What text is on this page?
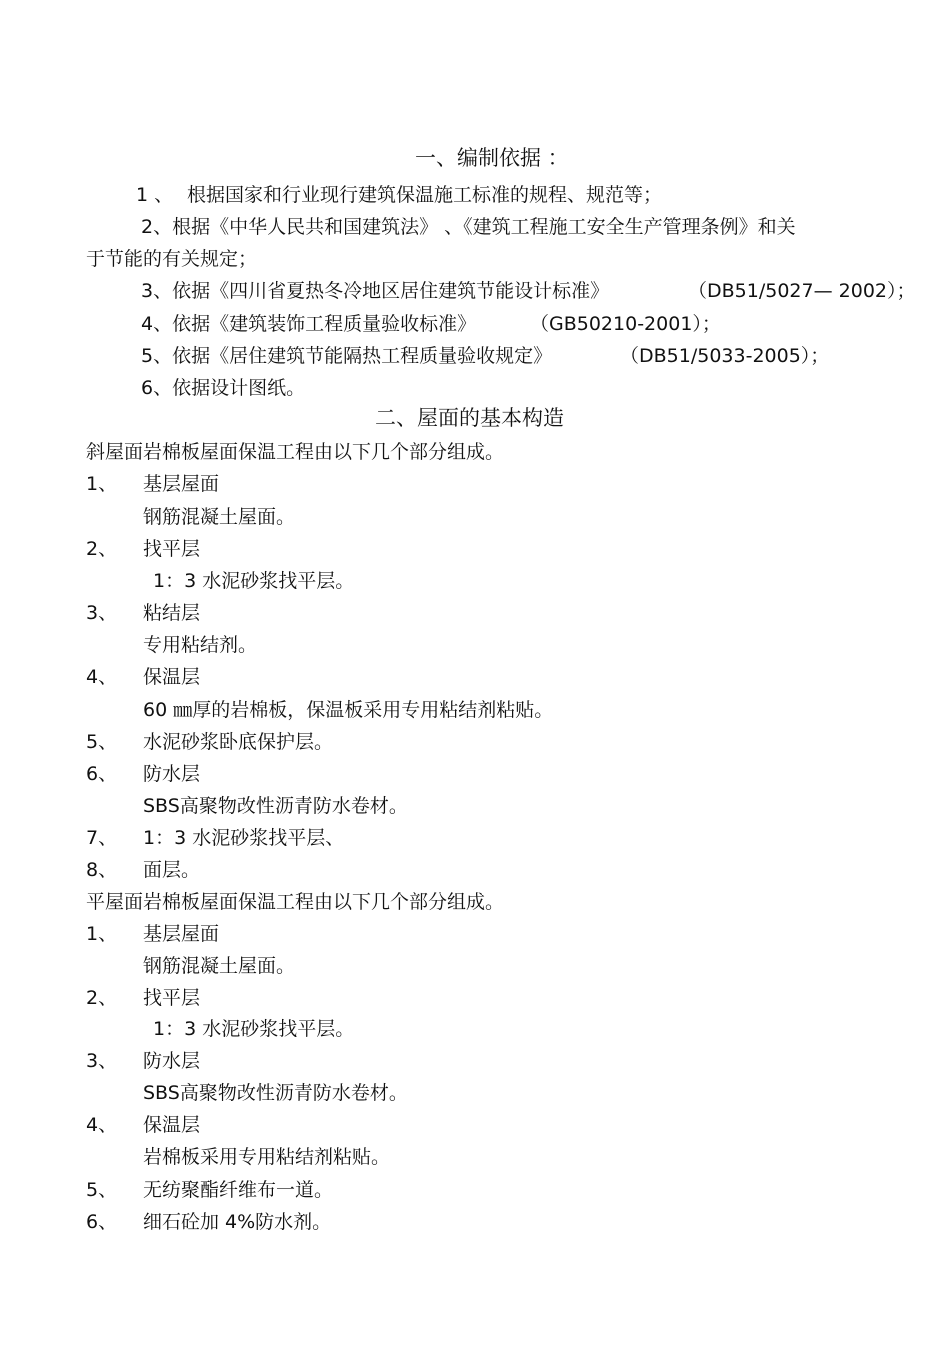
一、编制依据 ：
1 、 根据国家和行业现行建筑保温施工标准的规程、规范等；
2、根据《中华人民共和国建筑法》 、《建筑工程施工安全生产管理条例》和关
于节能的有关规定；
3、依据《四川省夏热冬冷地区居住建筑节能设计标准》	（DB51/5027— 2002）；
4、依据《建筑装饰工程质量验收标准》	（GB50210-2001）；
5、依据《居住建筑节能隔热工程质量验收规定》	（DB51/5033-2005）；
6、依据设计图纸。
二、屋面的基本构造
斜屋面岩棉板屋面保温工程由以下几个部分组成。
1、 基层屋面
钢筋混凝土屋面。
2、 找平层
1：3 水泥砂浆找平层。
3、 粘结层
专用粘结剂。
4、 保温层
60 ㎜厚的岩棉板，保温板采用专用粘结剂粘贴。
5、 水泥砂浆卧底保护层。
6、 防水层
SBS高聚物改性沥青防水卷材。
7、 1：3 水泥砂浆找平层、
8、 面层。
平屋面岩棉板屋面保温工程由以下几个部分组成。
1、 基层屋面
钢筋混凝土屋面。
2、 找平层
1：3 水泥砂浆找平层。
3、 防水层
SBS高聚物改性沥青防水卷材。
4、 保温层
岩棉板采用专用粘结剂粘贴。
5、 无纺聚酯纤维布一道。
6、 细石砼加 4%防水剂。
